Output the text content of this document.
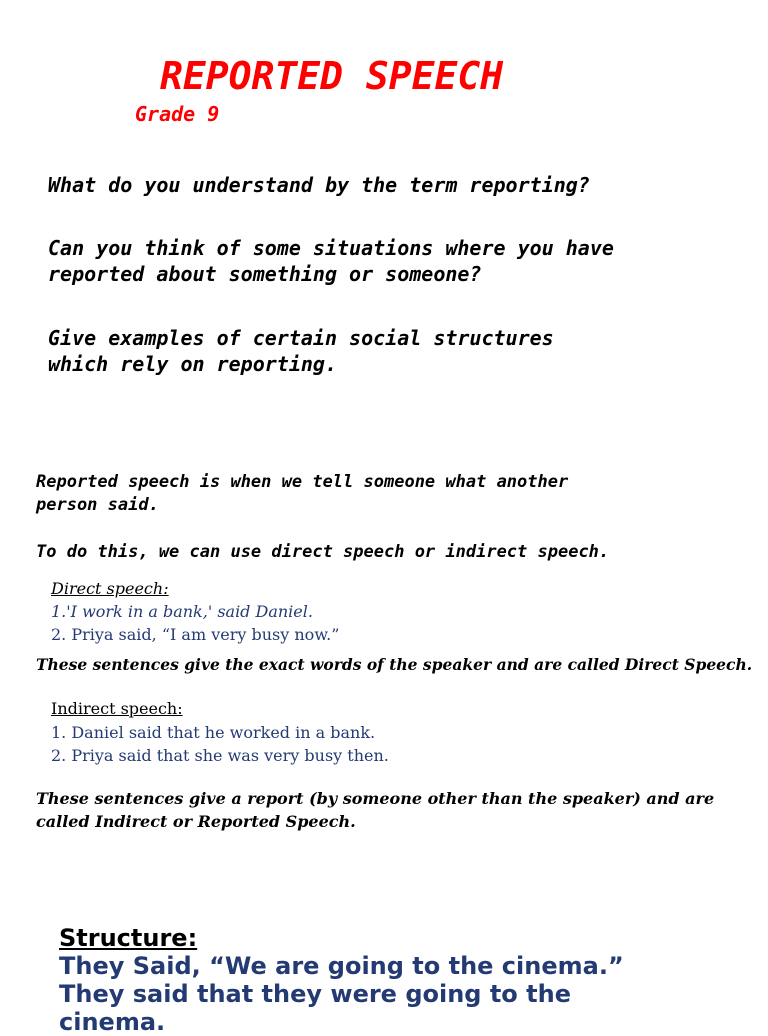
REPORTED SPEECH
Grade 9

What do you understand by the term reporting?

Can you think of some situations where you have
reported about something or someone?

Give examples of certain social structures
which rely on reporting.

Reported speech is when we tell someone what another
person said.

To do this, we can use direct speech or indirect speech.

Direct speech:
1.'I work in a bank,' said Daniel.
2. Priya said, “I am very busy now.”

These sentences give the exact words of the speaker and are called Direct Speech.

Indirect speech:
1. Daniel said that he worked in a bank.
2. Priya said that she was very busy then.

These sentences give a report (by someone other than the speaker) and are
called Indirect or Reported Speech.

Structure:
They Said, “We are going to the cinema.”
They said that they were going to the
cinema.
